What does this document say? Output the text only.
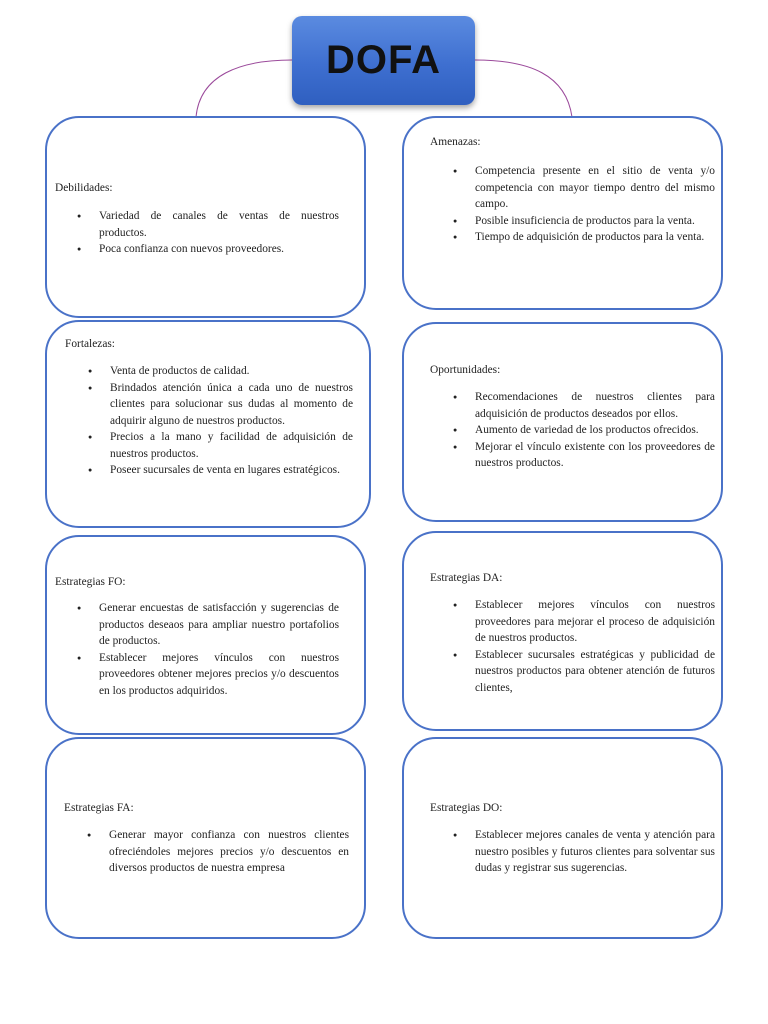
DOFA
Debilidades:
● Variedad de canales de ventas de nuestros productos.
● Poca confianza con nuevos proveedores.
Amenazas:
● Competencia presente en el sitio de venta y/o competencia con mayor tiempo dentro del mismo campo.
● Posible insuficiencia de productos para la venta.
● Tiempo de adquisición de productos para la venta.
Fortalezas:
● Venta de productos de calidad.
● Brindados atención única a cada uno de nuestros clientes para solucionar sus dudas al momento de adquirir alguno de nuestros productos.
● Precios a la mano y facilidad de adquisición de nuestros productos.
● Poseer sucursales de venta en lugares estratégicos.
Oportunidades:
● Recomendaciones de nuestros clientes para adquisición de productos deseados por ellos.
● Aumento de variedad de los productos ofrecidos.
● Mejorar el vínculo existente con los proveedores de nuestros productos.
Estrategias FO:
● Generar encuestas de satisfacción y sugerencias de productos deseaos para ampliar nuestro portafolios de productos.
● Establecer mejores vínculos con nuestros proveedores obtener mejores precios y/o descuentos en los productos adquiridos.
Estrategias DA:
● Establecer mejores vínculos con nuestros proveedores para mejorar el proceso de adquisición de nuestros productos.
● Establecer sucursales estratégicas y publicidad de nuestros productos para obtener atención de futuros clientes,
Estrategias FA:
● Generar mayor confianza con nuestros clientes ofreciéndoles mejores precios y/o descuentos en diversos productos de nuestra empresa
Estrategias DO:
● Establecer mejores canales de venta y atención para nuestro posibles y futuros clientes para solventar sus dudas y registrar sus sugerencias.
